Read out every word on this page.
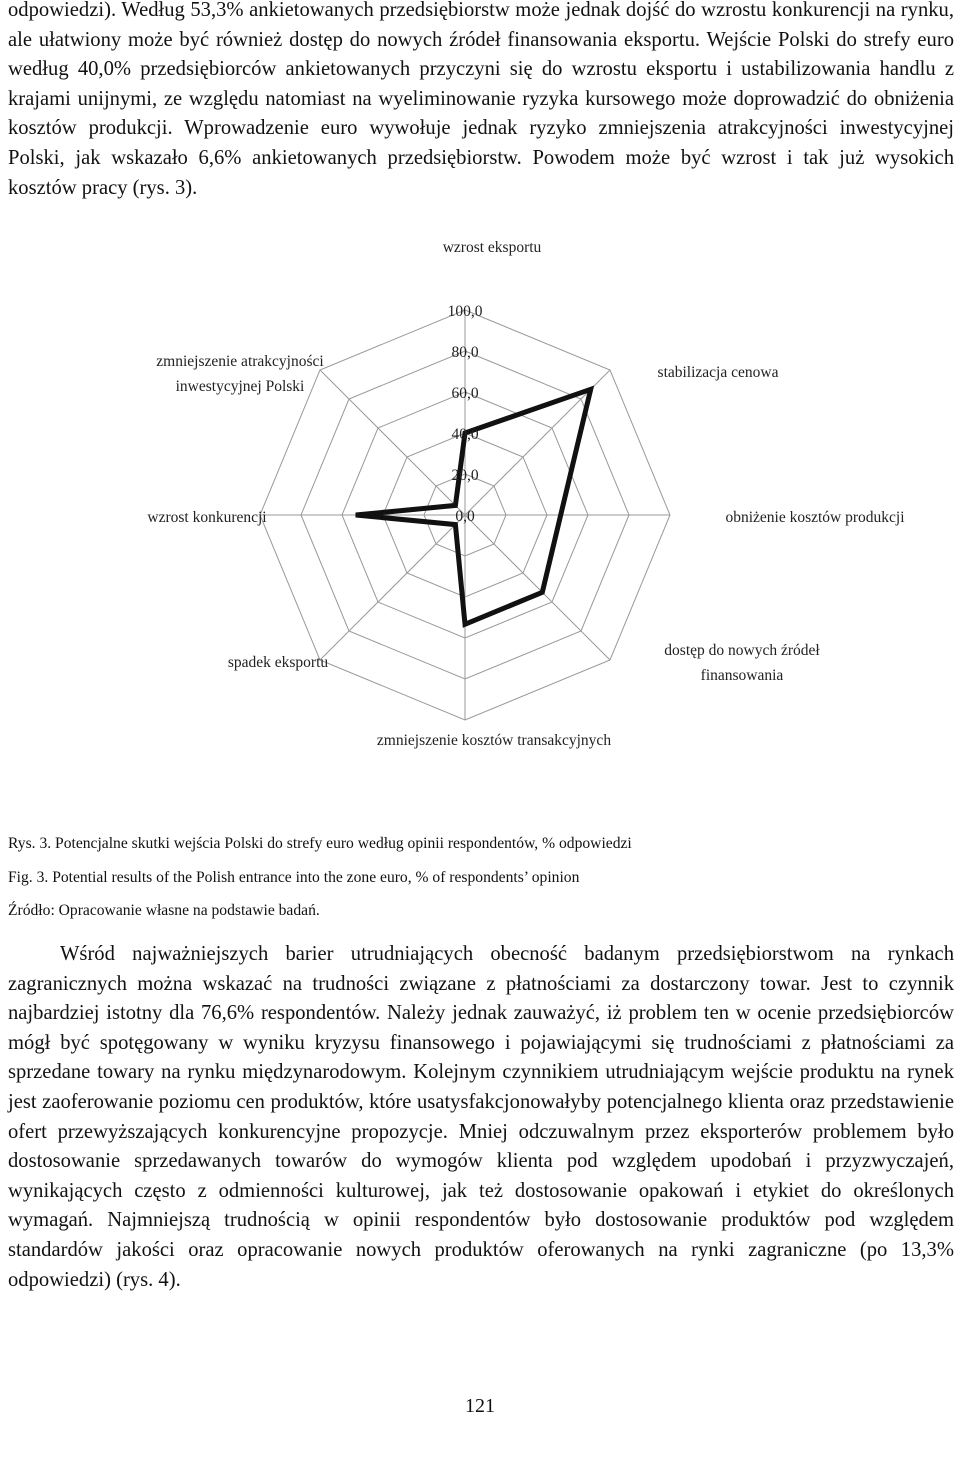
odpowiedzi). Według 53,3% ankietowanych przedsiębiorstw może jednak dojść do wzrostu konkurencji na rynku, ale ułatwiony może być również dostęp do nowych źródeł finansowania eksportu. Wejście Polski do strefy euro według 40,0% przedsiębiorców ankietowanych przyczyni się do wzrostu eksportu i ustabilizowania handlu z krajami unijnymi, ze względu natomiast na wyeliminowanie ryzyka kursowego może doprowadzić do obniżenia kosztów produkcji. Wprowadzenie euro wywołuje jednak ryzyko zmniejszenia atrakcyjności inwestycyjnej Polski, jak wskazało 6,6% ankietowanych przedsiębiorstw. Powodem może być wzrost i tak już wysokich kosztów pracy (rys. 3).

0,0
20,0
40,0
60,0
80,0
100,0
wzrost eksportu
stabilizacja cenowa
obniżenie kosztów produkcji
dostęp do nowych źródeł finansowania
zmniejszenie kosztów transakcyjnych
spadek eksportu
wzrost konkurencji
zmniejszenie atrakcyjności inwestycyjnej Polski

Rys. 3. Potencjalne skutki wejścia Polski do strefy euro według opinii respondentów, % odpowiedzi

Fig. 3. Potential results of the Polish entrance into the zone euro, % of respondents’ opinion

Źródło: Opracowanie własne na podstawie badań.

Wśród najważniejszych barier utrudniających obecność badanym przedsiębiorstwom na rynkach zagranicznych można wskazać na trudności związane z płatnościami za dostarczony towar. Jest to czynnik najbardziej istotny dla 76,6% respondentów. Należy jednak zauważyć, iż problem ten w ocenie przedsiębiorców mógł być spotęgowany w wyniku kryzysu finansowego i pojawiającymi się trudnościami z płatnościami za sprzedane towary na rynku międzynarodowym. Kolejnym czynnikiem utrudniającym wejście produktu na rynek jest zaoferowanie poziomu cen produktów, które usatysfakcjonowałyby potencjalnego klienta oraz przedstawienie ofert przewyższających konkurencyjne propozycje. Mniej odczuwalnym przez eksporterów problemem było dostosowanie sprzedawanych towarów do wymogów klienta pod względem upodobań i przyzwyczajeń, wynikających często z odmienności kulturowej, jak też dostosowanie opakowań i etykiet do określonych wymagań. Najmniejszą trudnością w opinii respondentów było dostosowanie produktów pod względem standardów jakości oraz opracowanie nowych produktów oferowanych na rynki zagraniczne (po 13,3% odpowiedzi) (rys. 4).

121
